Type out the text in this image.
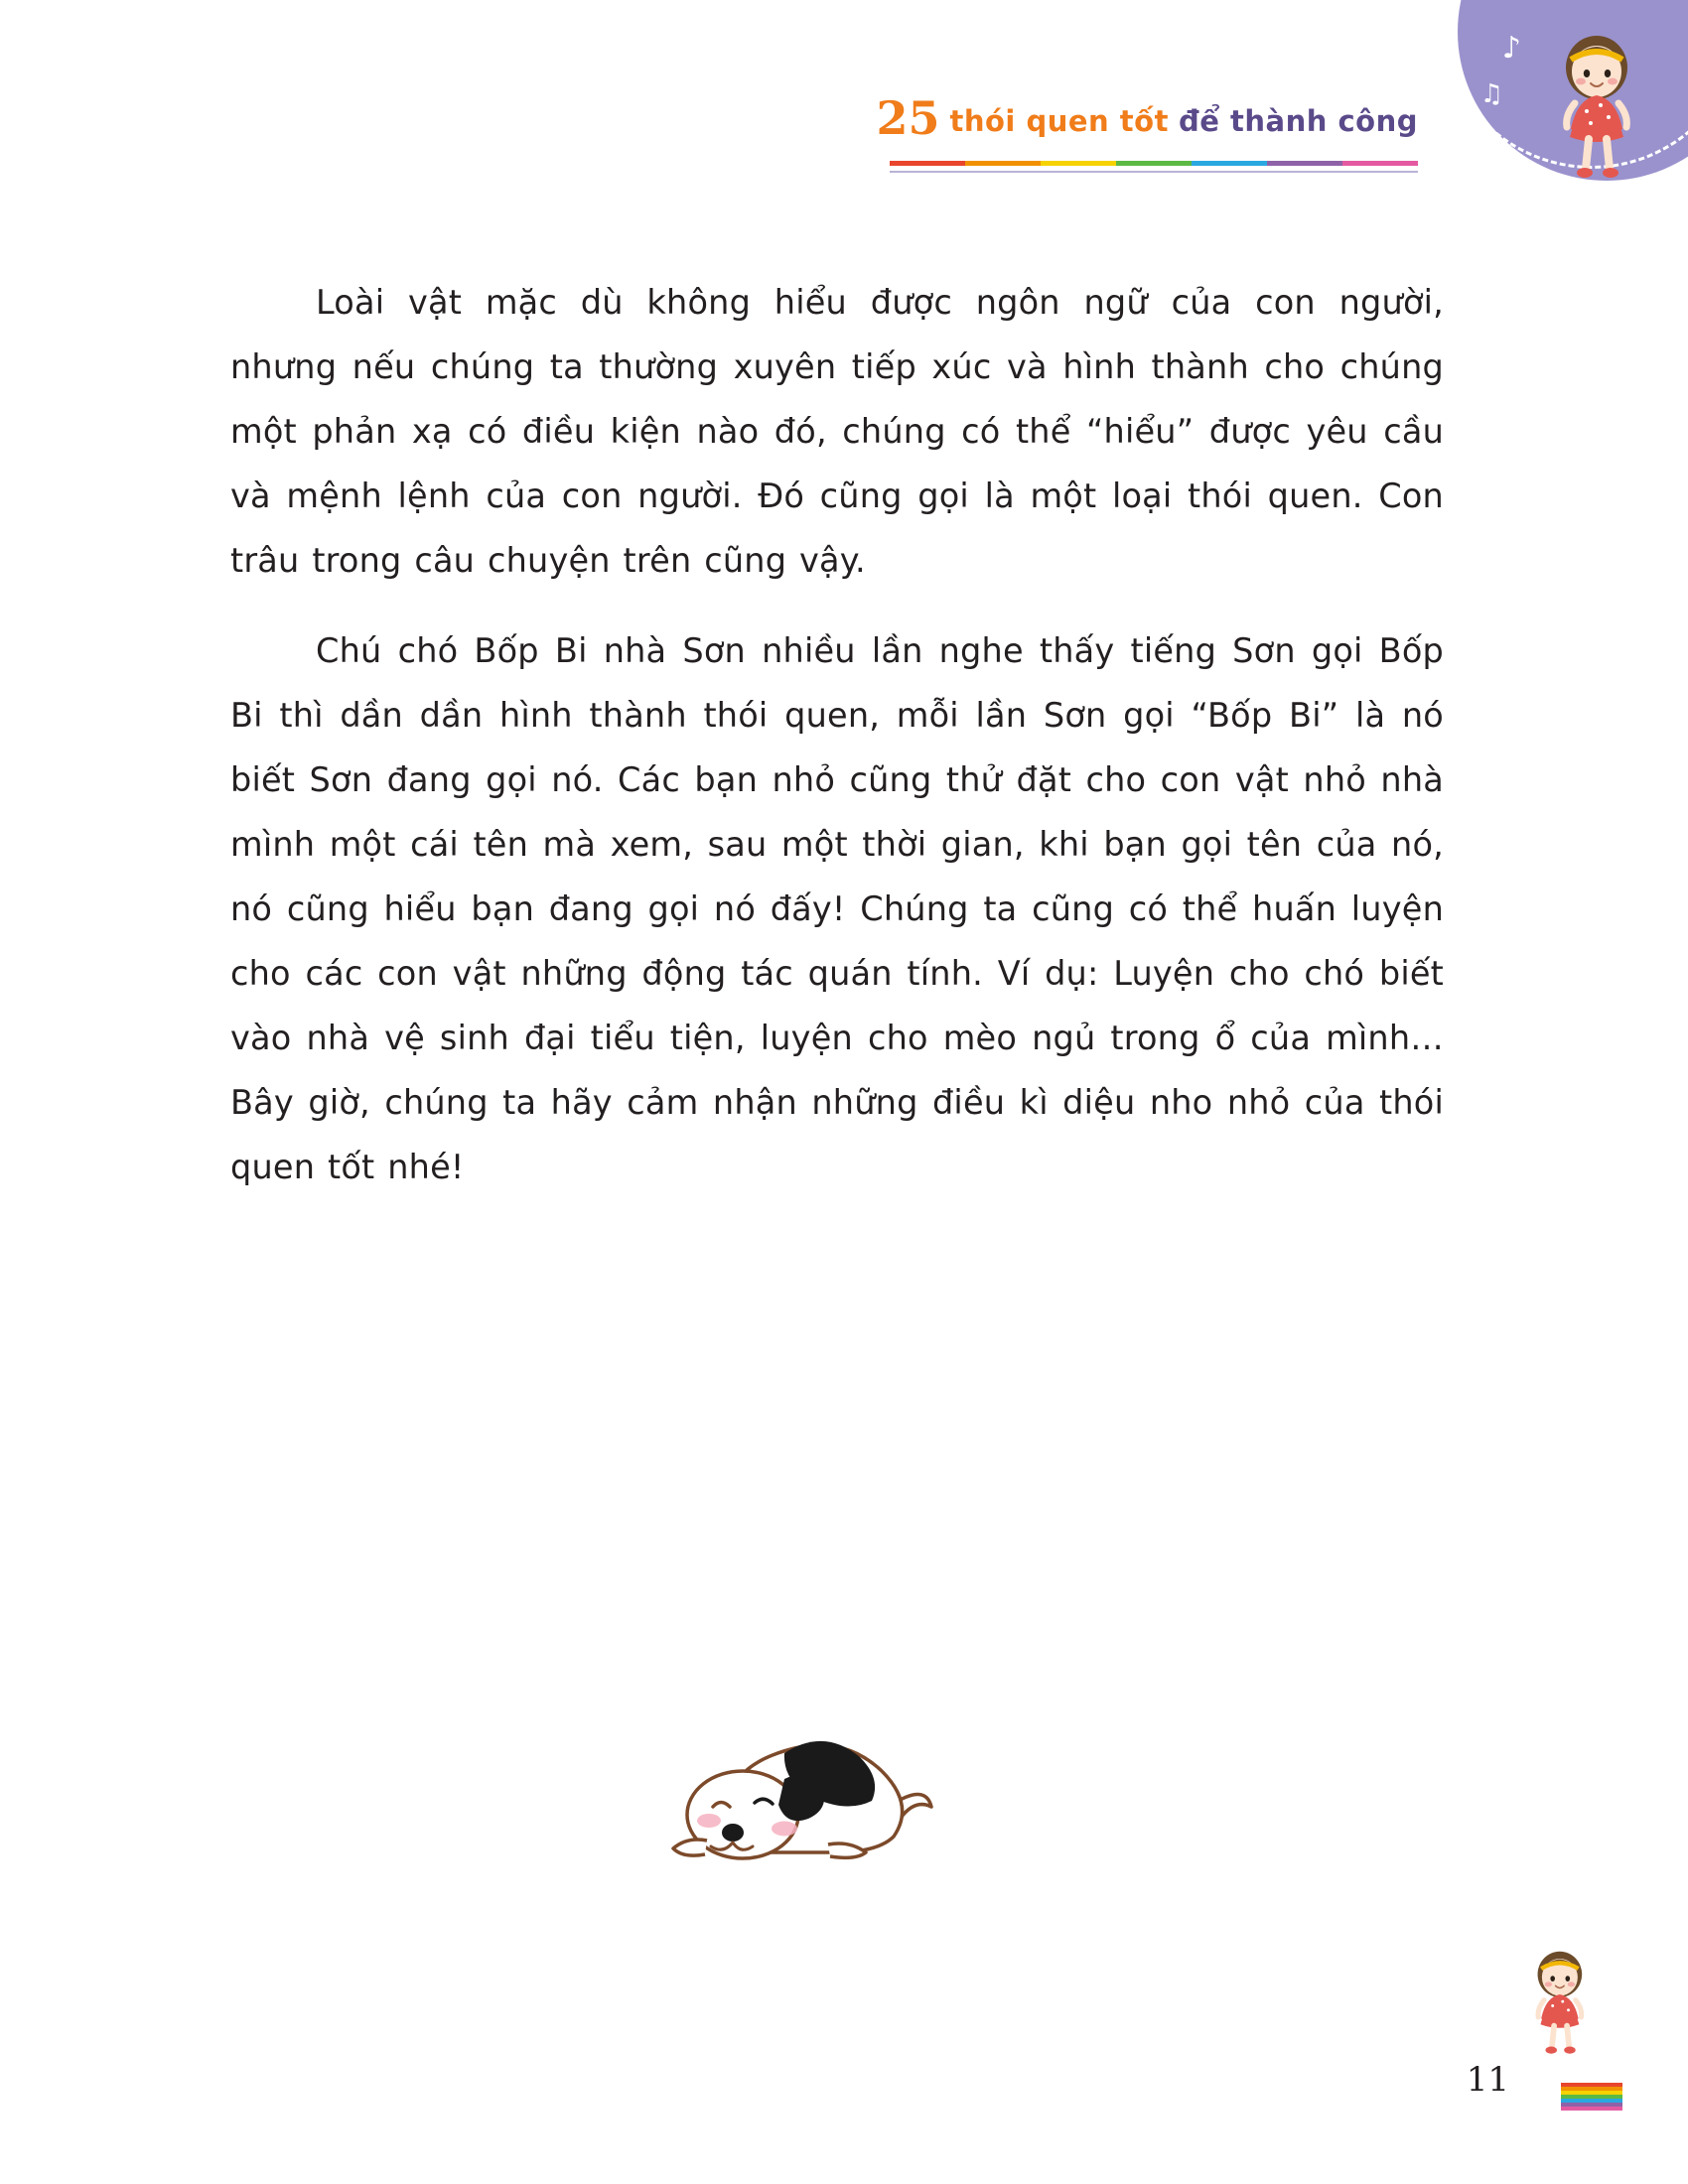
25 thói quen tốt để thành công
♪
♫

Loài vật mặc dù không hiểu được ngôn ngữ của con người, nhưng nếu chúng ta thường xuyên tiếp xúc và hình thành cho chúng một phản xạ có điều kiện nào đó, chúng có thể “hiểu” được yêu cầu và mệnh lệnh của con người. Đó cũng gọi là một loại thói quen. Con trâu trong câu chuyện trên cũng vậy.

Chú chó Bốp Bi nhà Sơn nhiều lần nghe thấy tiếng Sơn gọi Bốp Bi thì dần dần hình thành thói quen, mỗi lần Sơn gọi “Bốp Bi” là nó biết Sơn đang gọi nó. Các bạn nhỏ cũng thử đặt cho con vật nhỏ nhà mình một cái tên mà xem, sau một thời gian, khi bạn gọi tên của nó, nó cũng hiểu bạn đang gọi nó đấy! Chúng ta cũng có thể huấn luyện cho các con vật những động tác quán tính. Ví dụ: Luyện cho chó biết vào nhà vệ sinh đại tiểu tiện, luyện cho mèo ngủ trong ổ của mình… Bây giờ, chúng ta hãy cảm nhận những điều kì diệu nho nhỏ của thói quen tốt nhé!

11
